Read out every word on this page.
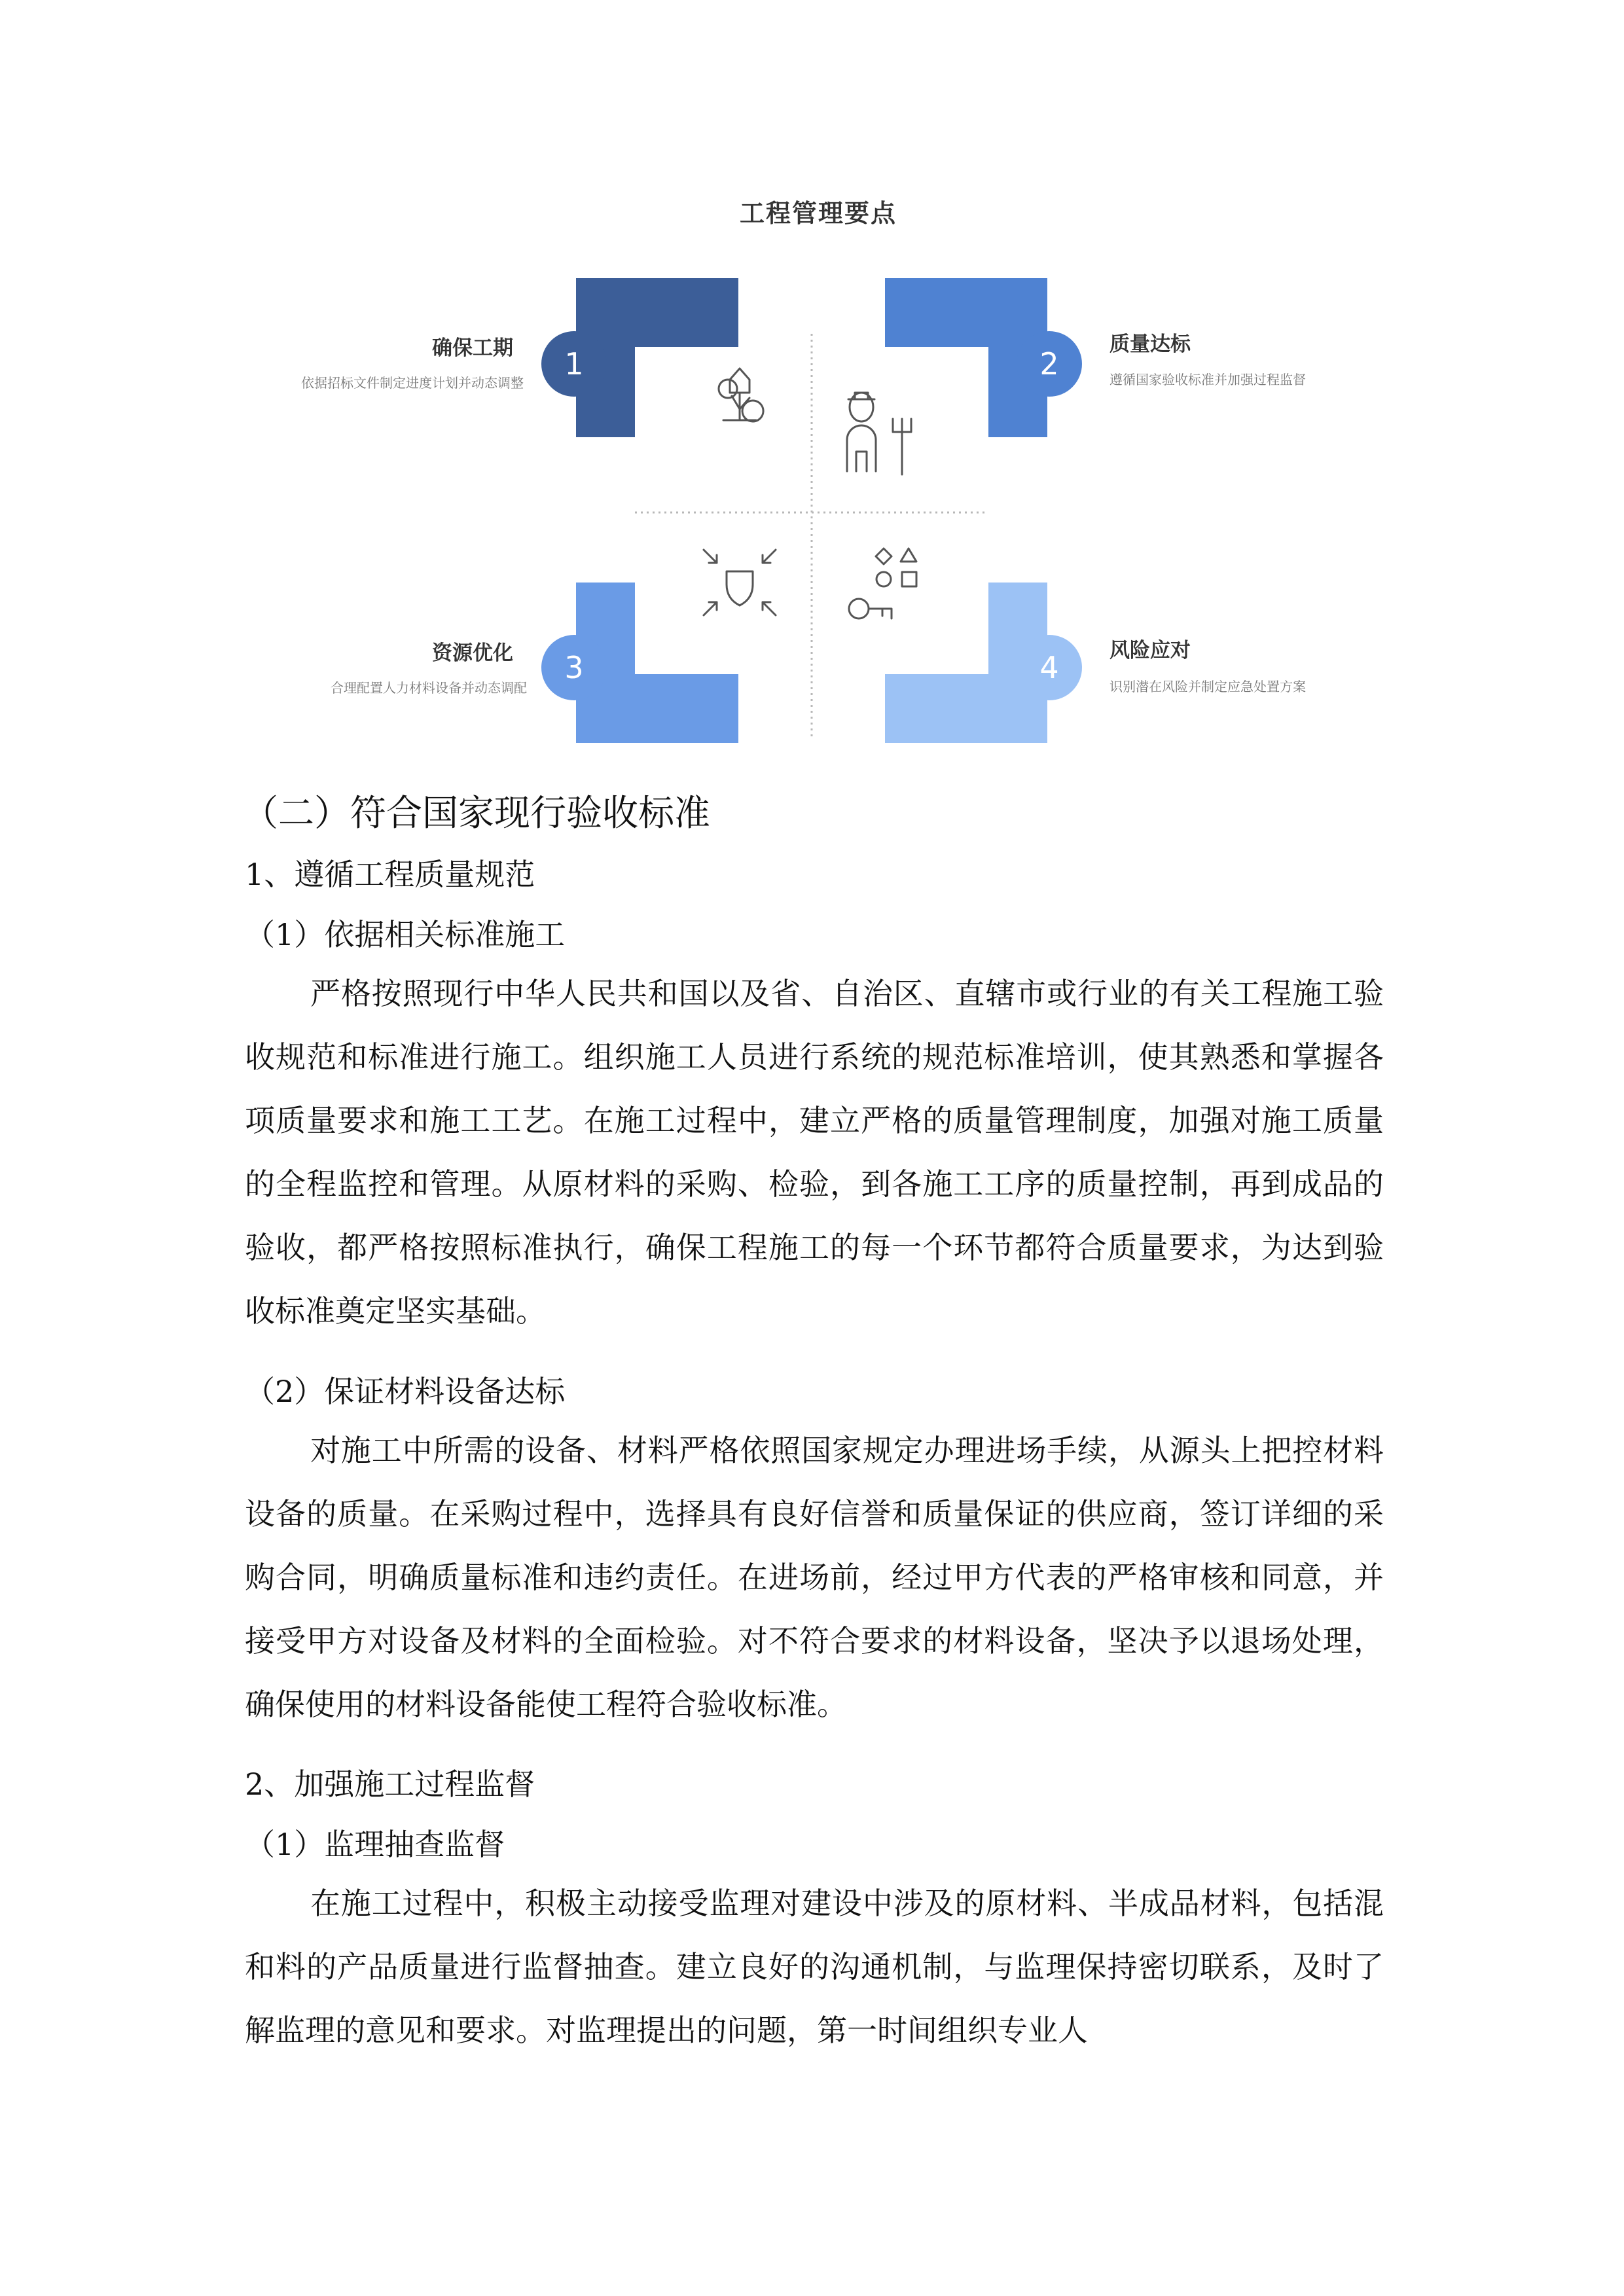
工程管理要点
1	2
3	4
确保工期
依据招标文件制定进度计划并动态调整
质量达标
遵循国家验收标准并加强过程监督
资源优化
合理配置人力材料设备并动态调配
风险应对
识别潜在风险并制定应急处置方案
（二）符合国家现行验收标准
1、遵循工程质量规范
（1）依据相关标准施工
严格按照现行中华人民共和国以及省、自治区、直辖市或行业的有关工程施工验收规范和标准进行施工。组织施工人员进行系统的规范标准培训，使其熟悉和掌握各项质量要求和施工工艺。在施工过程中，建立严格的质量管理制度，加强对施工质量的全程监控和管理。从原材料的采购、检验，到各施工工序的质量控制，再到成品的验收，都严格按照标准执行，确保工程施工的每一个环节都符合质量要求，为达到验收标准奠定坚实基础。
（2）保证材料设备达标
对施工中所需的设备、材料严格依照国家规定办理进场手续，从源头上把控材料设备的质量。在采购过程中，选择具有良好信誉和质量保证的供应商，签订详细的采购合同，明确质量标准和违约责任。在进场前，经过甲方代表的严格审核和同意，并接受甲方对设备及材料的全面检验。对不符合要求的材料设备，坚决予以退场处理，确保使用的材料设备能使工程符合验收标准。
2、加强施工过程监督
（1）监理抽查监督
在施工过程中，积极主动接受监理对建设中涉及的原材料、半成品材料，包括混和料的产品质量进行监督抽查。建立良好的沟通机制，与监理保持密切联系，及时了解监理的意见和要求。对监理提出的问题，第一时间组织专业人
